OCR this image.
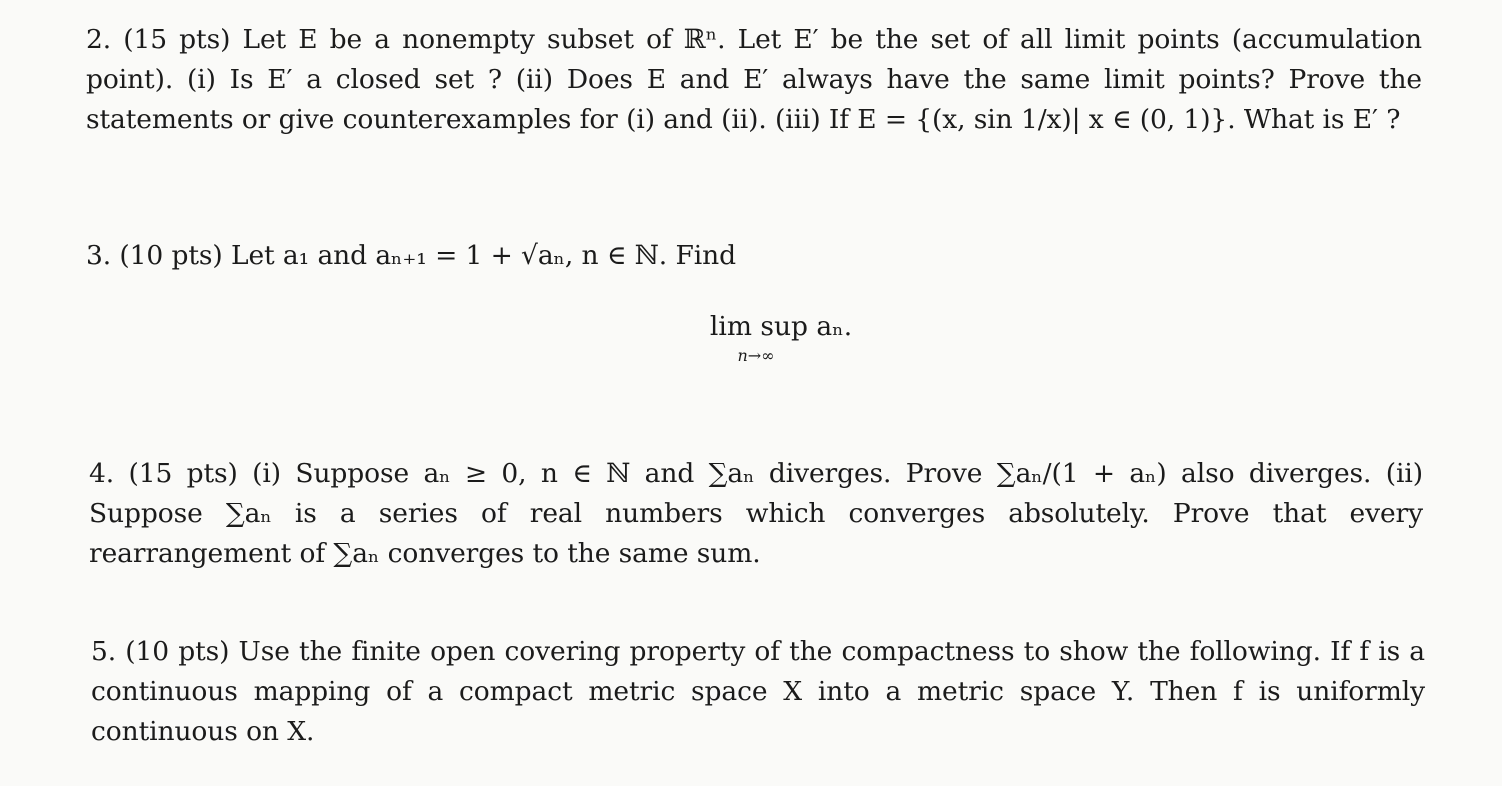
2. (15 pts) Let E be a nonempty subset of ℝⁿ. Let E′ be the set of all limit points (accumulation point). (i) Is E′ a closed set ? (ii) Does E and E′ always have the same limit points? Prove the statements or give counterexamples for (i) and (ii). (iii) If E = {(x, sin 1/x)| x ∈ (0, 1)}. What is E′ ?

3. (10 pts) Let a₁ and aₙ₊₁ = 1 + √aₙ, n ∈ ℕ. Find

lim sup aₙ.
n→∞

4. (15 pts) (i) Suppose aₙ ≥ 0, n ∈ ℕ and ∑aₙ diverges. Prove ∑aₙ/(1 + aₙ) also diverges. (ii) Suppose ∑aₙ is a series of real numbers which converges absolutely. Prove that every rearrangement of ∑aₙ converges to the same sum.

5. (10 pts) Use the finite open covering property of the compactness to show the following. If f is a continuous mapping of a compact metric space X into a metric space Y. Then f is uniformly continuous on X.
